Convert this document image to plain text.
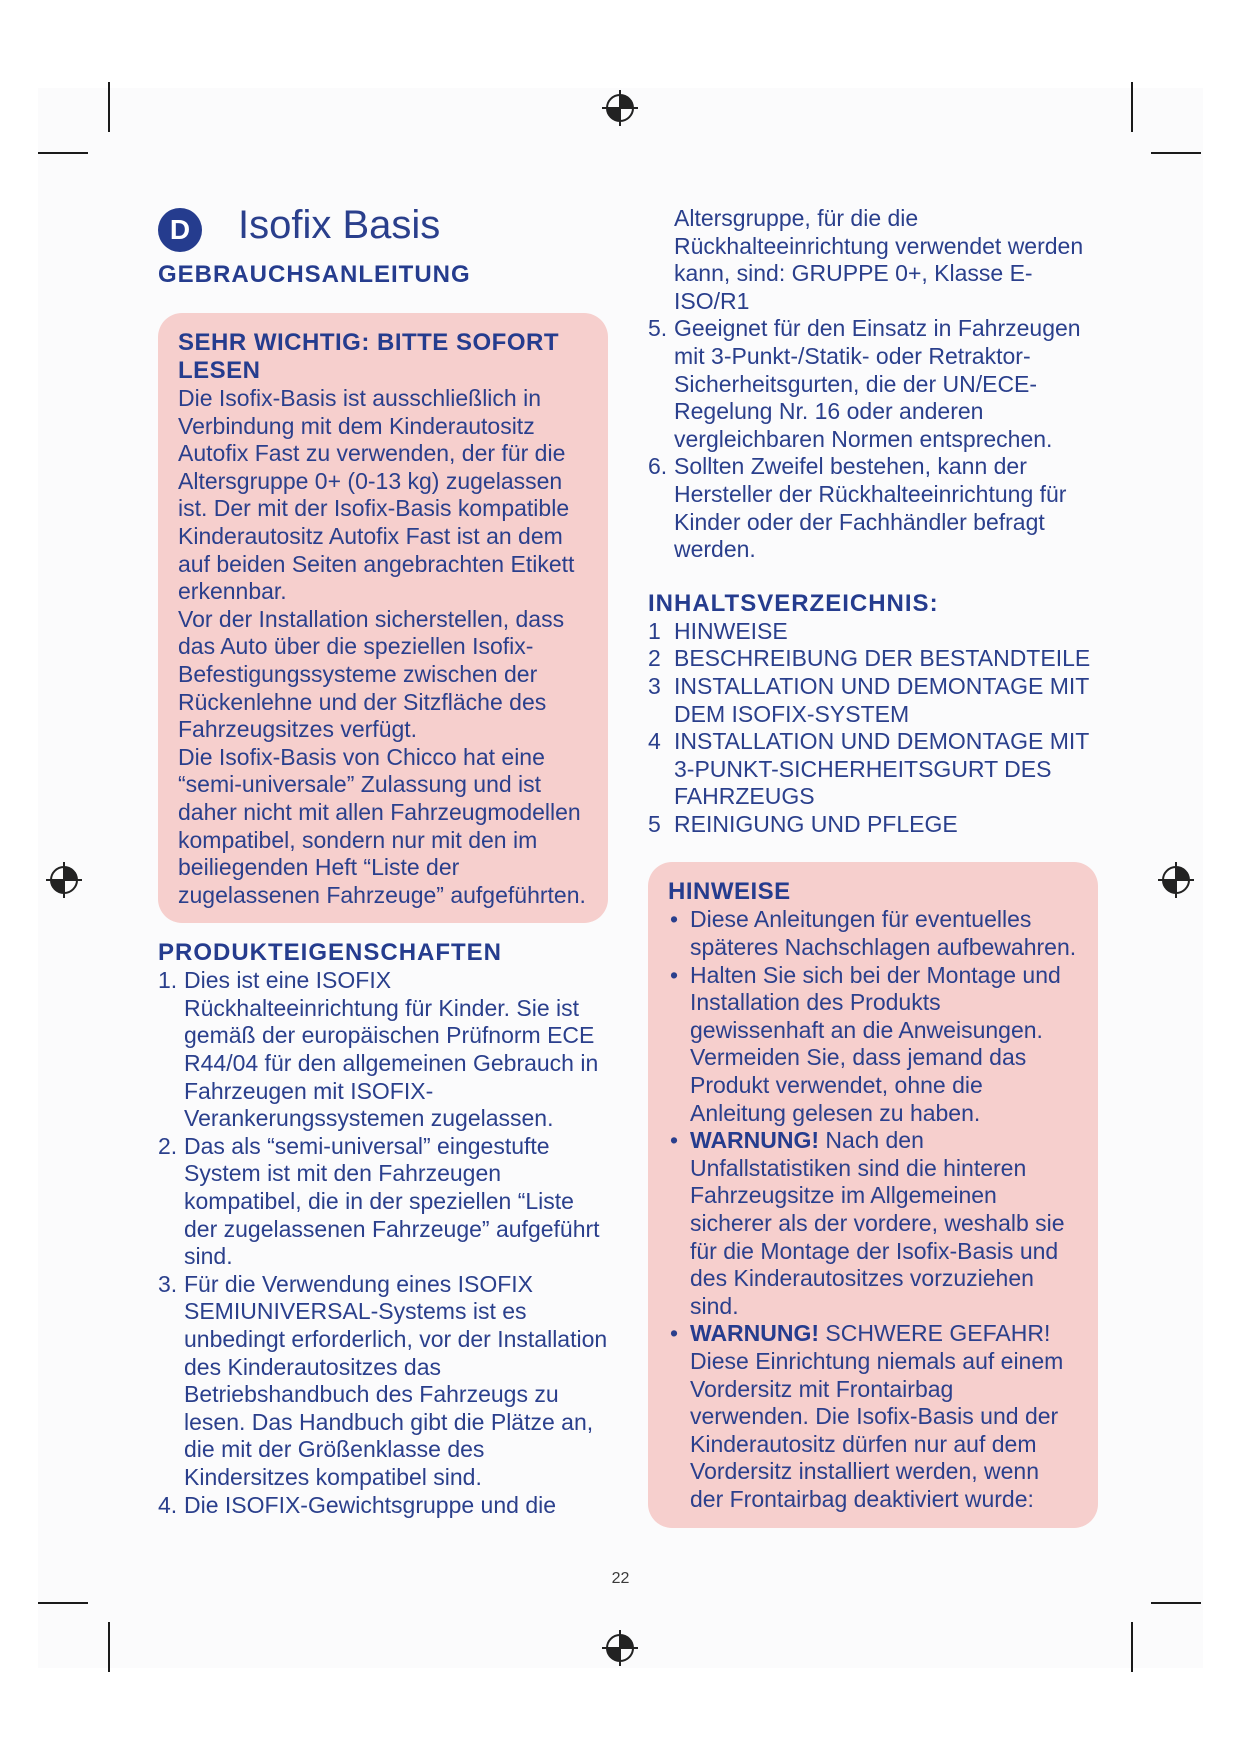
D Isofix Basis
GEBRAUCHSANLEITUNG
SEHR WICHTIG: BITTE SOFORT LESEN

Die Isofix-Basis ist ausschließlich in Verbindung mit dem Kinderautositz Autofix Fast zu verwenden, der für die Altersgruppe 0+ (0-13 kg) zugelassen ist. Der mit der Isofix-Basis kompatible Kinderautositz Autofix Fast ist an dem auf beiden Seiten angebrachten Etikett erkennbar.

Vor der Installation sicherstellen, dass das Auto über die speziellen Isofix-Befestigungssysteme zwischen der Rückenlehne und der Sitzfläche des Fahrzeugsitzes verfügt.

Die Isofix-Basis von Chicco hat eine “semi-universale” Zulassung und ist daher nicht mit allen Fahrzeugmodellen kompatibel, sondern nur mit den im beiliegenden Heft “Liste der zugelassenen Fahrzeuge” aufgeführten.

PRODUKTEIGENSCHAFTEN
1. Dies ist eine ISOFIX Rückhalteeinrichtung für Kinder. Sie ist gemäß der europäischen Prüfnorm ECE R44/04 für den allgemeinen Gebrauch in Fahrzeugen mit ISOFIX-Verankerungssystemen zugelassen.
2. Das als “semi-universal” eingestufte System ist mit den Fahrzeugen kompatibel, die in der speziellen “Liste der zugelassenen Fahrzeuge” aufgeführt sind.
3. Für die Verwendung eines ISOFIX SEMIUNIVERSAL-Systems ist es unbedingt erforderlich, vor der Installation des Kinderautositzes das Betriebshandbuch des Fahrzeugs zu lesen. Das Handbuch gibt die Plätze an, die mit der Größenklasse des Kindersitzes kompatibel sind.
4. Die ISOFIX-Gewichtsgruppe und die

Altersgruppe, für die die Rückhalteeinrichtung verwendet werden kann, sind: GRUPPE 0+, Klasse E- ISO/R1

5. Geeignet für den Einsatz in Fahrzeugen mit 3-Punkt-/Statik- oder Retraktor-Sicherheitsgurten, die der UN/ECE-Regelung Nr. 16 oder anderen vergleichbaren Normen entsprechen.
6. Sollten Zweifel bestehen, kann der Hersteller der Rückhalteeinrichtung für Kinder oder der Fachhändler befragt werden.
INHALTSVERZEICHNIS:
1 HINWEISE
2 BESCHREIBUNG DER BESTANDTEILE
3 INSTALLATION UND DEMONTAGE MIT DEM ISOFIX-SYSTEM
4 INSTALLATION UND DEMONTAGE MIT 3-PUNKT-SICHERHEITSGURT DES FAHRZEUGS
5 REINIGUNG UND PFLEGE
HINWEISE
• Diese Anleitungen für eventuelles späteres Nachschlagen aufbewahren.
• Halten Sie sich bei der Montage und Installation des Produkts gewissenhaft an die Anweisungen. Vermeiden Sie, dass jemand das Produkt verwendet, ohne die Anleitung gelesen zu haben.
• WARNUNG! Nach den Unfallstatistiken sind die hinteren Fahrzeugsitze im Allgemeinen sicherer als der vordere, weshalb sie für die Montage der Isofix-Basis und des Kinderautositzes vorzuziehen sind.
• WARNUNG! SCHWERE GEFAHR! Diese Einrichtung niemals auf einem Vordersitz mit Frontairbag verwenden. Die Isofix-Basis und der Kinderautositz dürfen nur auf dem Vordersitz installiert werden, wenn der Frontairbag deaktiviert wurde:
22
